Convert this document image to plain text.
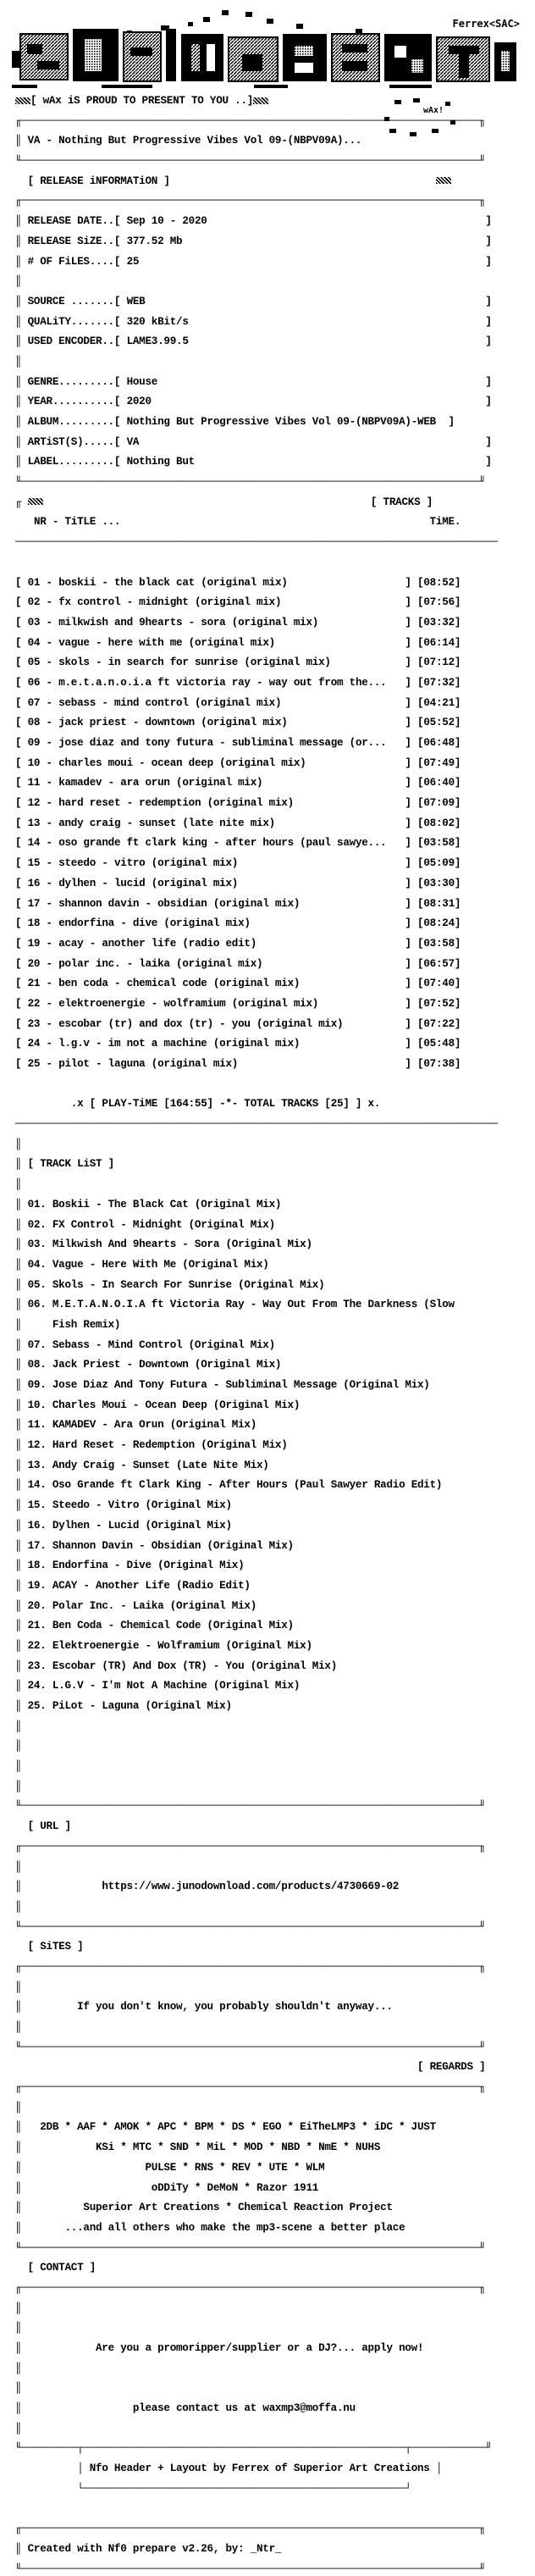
Ferrex<SAC>
wAx!
[ wAx iS PROUD TO PRESENT TO YOU ..]

╓──────────────────────────────────────────────────────────────────────────╖

║ VA - Nothing But Progressive Vibes Vol 09-(NBPV09A)...

╙──────────────────────────────────────────────────────────────────────────╜

[ RELEASE iNFORMATiON ]

╓──────────────────────────────────────────────────────────────────────────╖

║ RELEASE DATE..[ Sep 10 - 2020                                             ]

║ RELEASE SiZE..[ 377.52 Mb                                                 ]

║ # OF FiLES....[ 25                                                        ]

║

║ SOURCE .......[ WEB                                                       ]

║ QUALiTY.......[ 320 kBit/s                                                ]

║ USED ENCODER..[ LAME3.99.5                                                ]

║

║ GENRE.........[ House                                                     ]

║ YEAR..........[ 2020                                                      ]

║ ALBUM.........[ Nothing But Progressive Vibes Vol 09-(NBPV09A)-WEB  ]

║ ARTiST(S).....[ VA                                                        ]

║ LABEL.........[ Nothing But                                               ]

╙──────────────────────────────────────────────────────────────────────────╜

╓                                                      [ TRACKS ]

NR - TiTLE ...	TiME.

──────────────────────────────────────────────────────────────────────────────

[ 01 - boskii - the black cat (original mix)                   ] [08:52]

[ 02 - fx control - midnight (original mix)                    ] [07:56]

[ 03 - milkwish and 9hearts - sora (original mix)              ] [03:32]

[ 04 - vague - here with me (original mix)                     ] [06:14]

[ 05 - skols - in search for sunrise (original mix)            ] [07:12]

[ 06 - m.e.t.a.n.o.i.a ft victoria ray - way out from the...   ] [07:32]

[ 07 - sebass - mind control (original mix)                    ] [04:21]

[ 08 - jack priest - downtown (original mix)                   ] [05:52]

[ 09 - jose diaz and tony futura - subliminal message (or...   ] [06:48]

[ 10 - charles moui - ocean deep (original mix)                ] [07:49]

[ 11 - kamadev - ara orun (original mix)                       ] [06:40]

[ 12 - hard reset - redemption (original mix)                  ] [07:09]

[ 13 - andy craig - sunset (late nite mix)                     ] [08:02]

[ 14 - oso grande ft clark king - after hours (paul sawye...   ] [03:58]

[ 15 - steedo - vitro (original mix)                           ] [05:09]

[ 16 - dylhen - lucid (original mix)                           ] [03:30]

[ 17 - shannon davin - obsidian (original mix)                 ] [08:31]

[ 18 - endorfina - dive (original mix)                         ] [08:24]

[ 19 - acay - another life (radio edit)                        ] [03:58]

[ 20 - polar inc. - laika (original mix)                       ] [06:57]

[ 21 - ben coda - chemical code (original mix)                 ] [07:40]

[ 22 - elektroenergie - wolframium (original mix)              ] [07:52]

[ 23 - escobar (tr) and dox (tr) - you (original mix)          ] [07:22]

[ 24 - l.g.v - im not a machine (original mix)                 ] [05:48]

[ 25 - pilot - laguna (original mix)                           ] [07:38]

.x [ PLAY-TiME [164:55] -*- TOTAL TRACKS [25] ] x.

──────────────────────────────────────────────────────────────────────────────

║

║ [ TRACK LiST ]

║

║ 01. Boskii - The Black Cat (Original Mix)

║ 02. FX Control - Midnight (Original Mix)

║ 03. Milkwish And 9hearts - Sora (Original Mix)

║ 04. Vague - Here With Me (Original Mix)

║ 05. Skols - In Search For Sunrise (Original Mix)

║ 06. M.E.T.A.N.O.I.A ft Victoria Ray - Way Out From The Darkness (Slow

║     Fish Remix)

║ 07. Sebass - Mind Control (Original Mix)

║ 08. Jack Priest - Downtown (Original Mix)

║ 09. Jose Diaz And Tony Futura - Subliminal Message (Original Mix)

║ 10. Charles Moui - Ocean Deep (Original Mix)

║ 11. KAMADEV - Ara Orun (Original Mix)

║ 12. Hard Reset - Redemption (Original Mix)

║ 13. Andy Craig - Sunset (Late Nite Mix)

║ 14. Oso Grande ft Clark King - After Hours (Paul Sawyer Radio Edit)

║ 15. Steedo - Vitro (Original Mix)

║ 16. Dylhen - Lucid (Original Mix)

║ 17. Shannon Davin - Obsidian (Original Mix)

║ 18. Endorfina - Dive (Original Mix)

║ 19. ACAY - Another Life (Radio Edit)

║ 20. Polar Inc. - Laika (Original Mix)

║ 21. Ben Coda - Chemical Code (Original Mix)

║ 22. Elektroenergie - Wolframium (Original Mix)

║ 23. Escobar (TR) And Dox (TR) - You (Original Mix)

║ 24. L.G.V - I'm Not A Machine (Original Mix)

║ 25. PiLot - Laguna (Original Mix)

║

║

║

║

╙──────────────────────────────────────────────────────────────────────────╜

[ URL ]

╓──────────────────────────────────────────────────────────────────────────╖

║

║             https://www.junodownload.com/products/4730669-02

║

╙──────────────────────────────────────────────────────────────────────────╜

[ SiTES ]

╓──────────────────────────────────────────────────────────────────────────╖

║

║         If you don't know, you probably shouldn't anyway...

║

╙──────────────────────────────────────────────────────────────────────────╜

[ REGARDS ]

╓──────────────────────────────────────────────────────────────────────────╖

║

║   2DB * AAF * AMOK * APC * BPM * DS * EGO * EiTheLMP3 * iDC * JUST

║            KSi * MTC * SND * MiL * MOD * NBD * NmE * NUHS

║                    PULSE * RNS * REV * UTE * WLM

║                     oDDiTy * DeMoN * Razor 1911

║          Superior Art Creations * Chemical Reaction Project

║       ...and all others who make the mp3-scene a better place

╙──────────────────────────────────────────────────────────────────────────╜

[ CONTACT ]

╓──────────────────────────────────────────────────────────────────────────╖

║

║

║            Are you a promoripper/supplier or a DJ?... apply now!

║

║

║                  please contact us at waxmp3@moffa.nu

║

╙─────────┬────────────────────────────────────────────────────┬────────────╜

│ Nfo Header + Layout by Ferrex of Superior Art Creations │

└────────────────────────────────────────────────────┘

╓──────────────────────────────────────────────────────────────────────────╖

║ Created with Nf0 prepare v2.26, by: _Ntr_

╙──────────────────────────────────────────────────────────────────────────╜
